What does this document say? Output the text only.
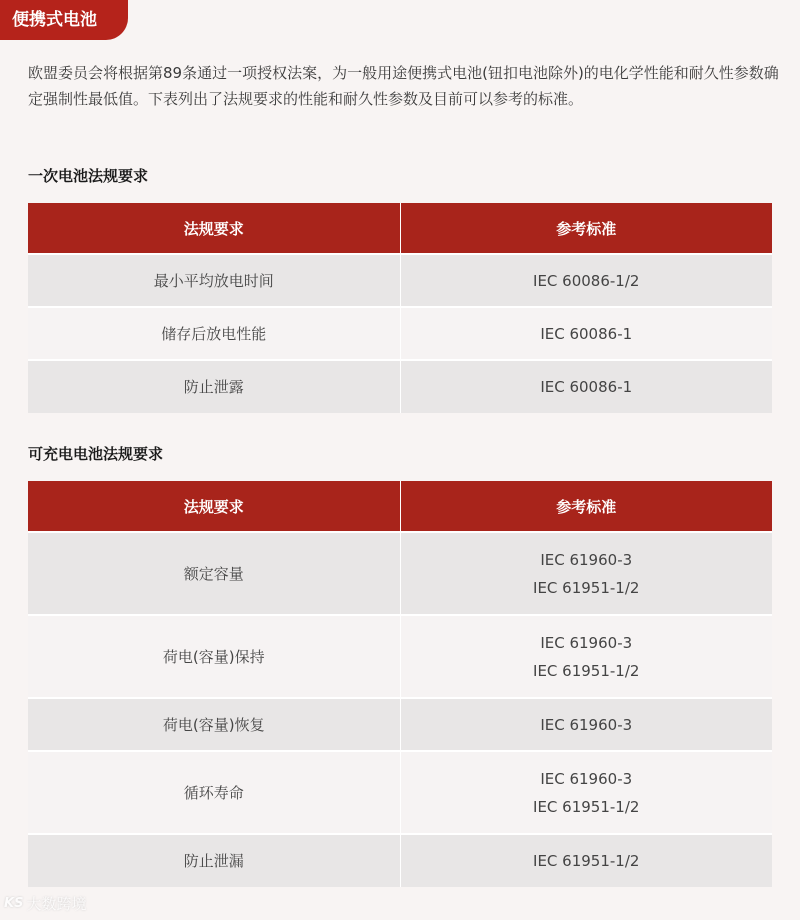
便携式电池

欧盟委员会将根据第89条通过一项授权法案，为一般用途便携式电池(钮扣电池除外)的电化学性能和耐久性参数确定强制性最低值。下表列出了法规要求的性能和耐久性参数及目前可以参考的标准。

一次电池法规要求
法规要求	参考标准
最小平均放电时间	IEC 60086-1/2

储存后放电性能	IEC 60086-1

防止泄露	IEC 60086-1
可充电电池法规要求
法规要求	参考标准
额定容量	IEC 61960-3
IEC 61951-1/2

荷电(容量)保持	IEC 61960-3
IEC 61951-1/2

荷电(容量)恢复	IEC 61960-3

循环寿命	IEC 61960-3
IEC 61951-1/2

防止泄漏	IEC 61951-1/2
KS 大数跨境
